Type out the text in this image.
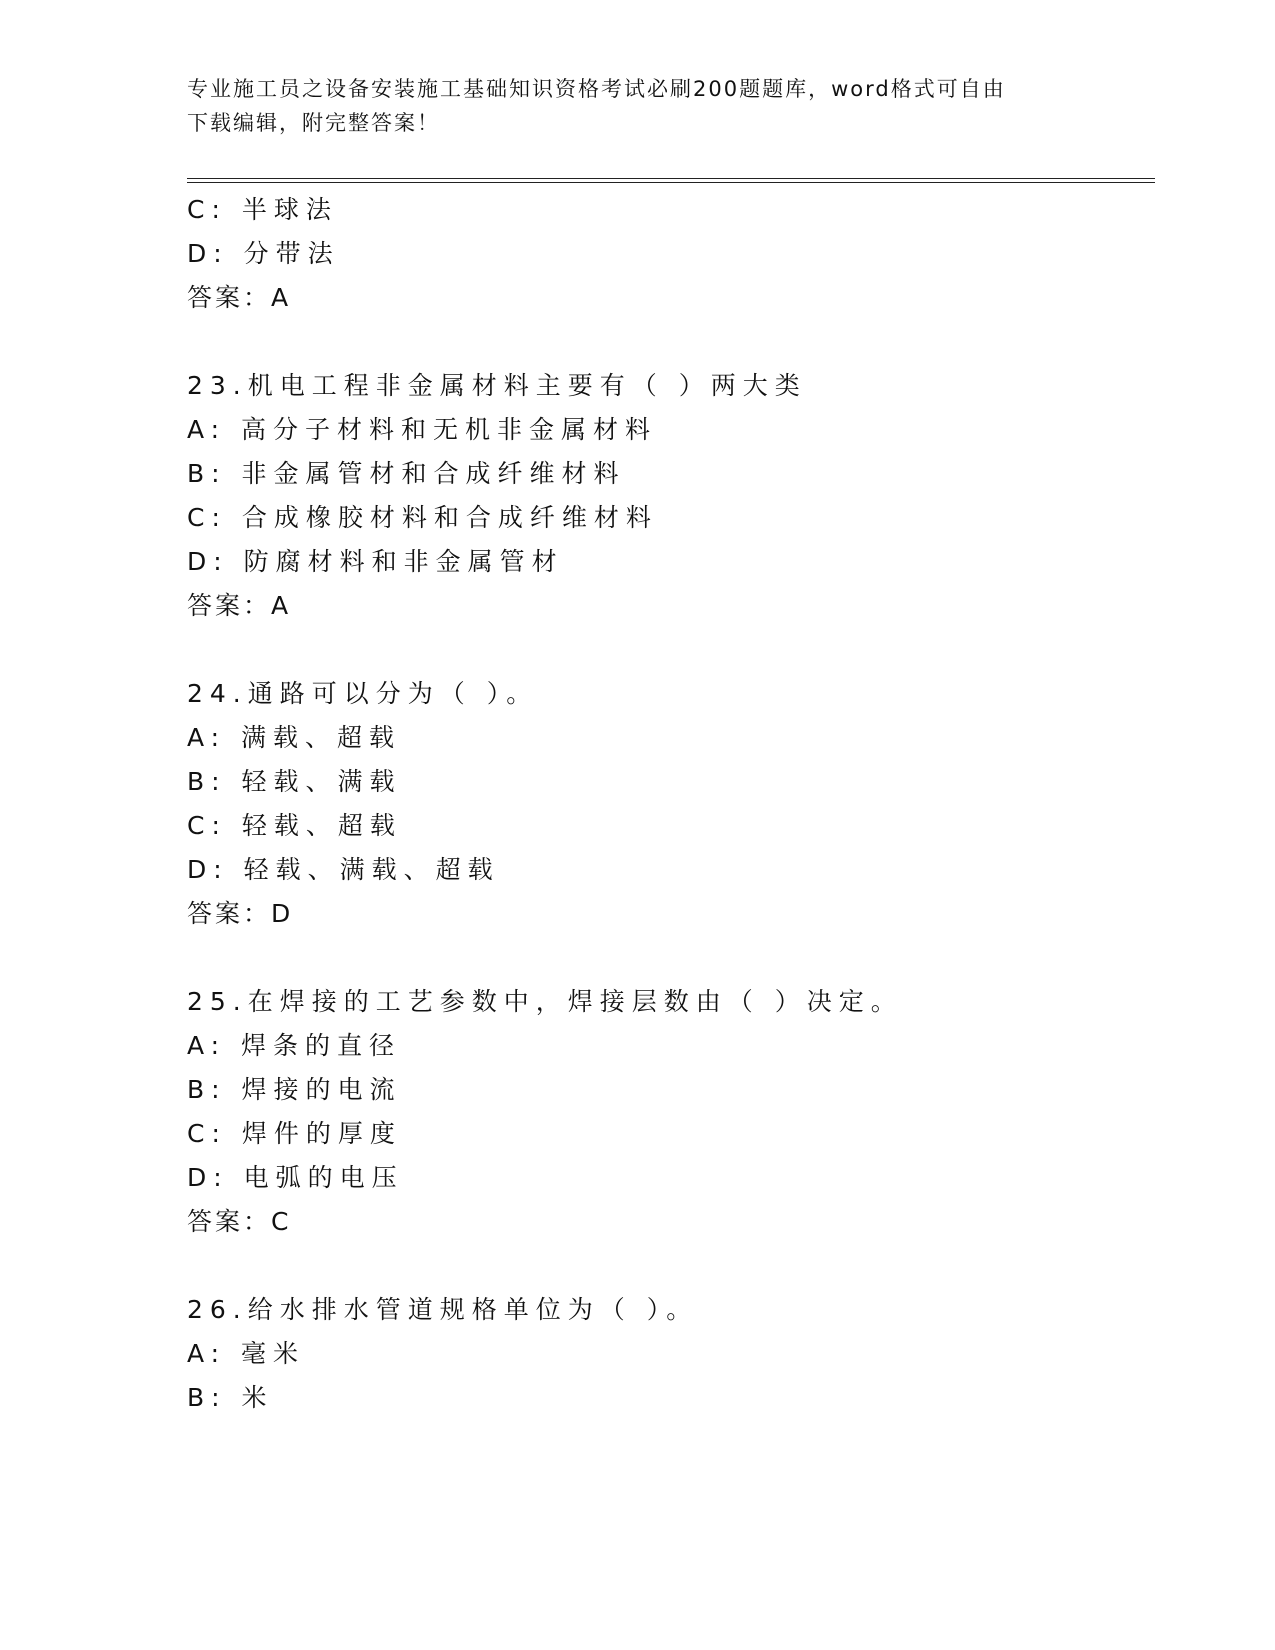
专业施工员之设备安装施工基础知识资格考试必刷200题题库，word格式可自由
下载编辑，附完整答案！
C: 半球法
D: 分带法
答案：A
23.机电工程非金属材料主要有（ ）两大类
A: 高分子材料和无机非金属材料
B: 非金属管材和合成纤维材料
C: 合成橡胶材料和合成纤维材料
D: 防腐材料和非金属管材
答案：A
24.通路可以分为（ ）。
A: 满载、超载
B: 轻载、满载
C: 轻载、超载
D: 轻载、满载、超载
答案：D
25.在焊接的工艺参数中，焊接层数由（ ）决定。
A: 焊条的直径
B: 焊接的电流
C: 焊件的厚度
D: 电弧的电压
答案：C
26.给水排水管道规格单位为（ ）。
A: 毫米
B: 米
